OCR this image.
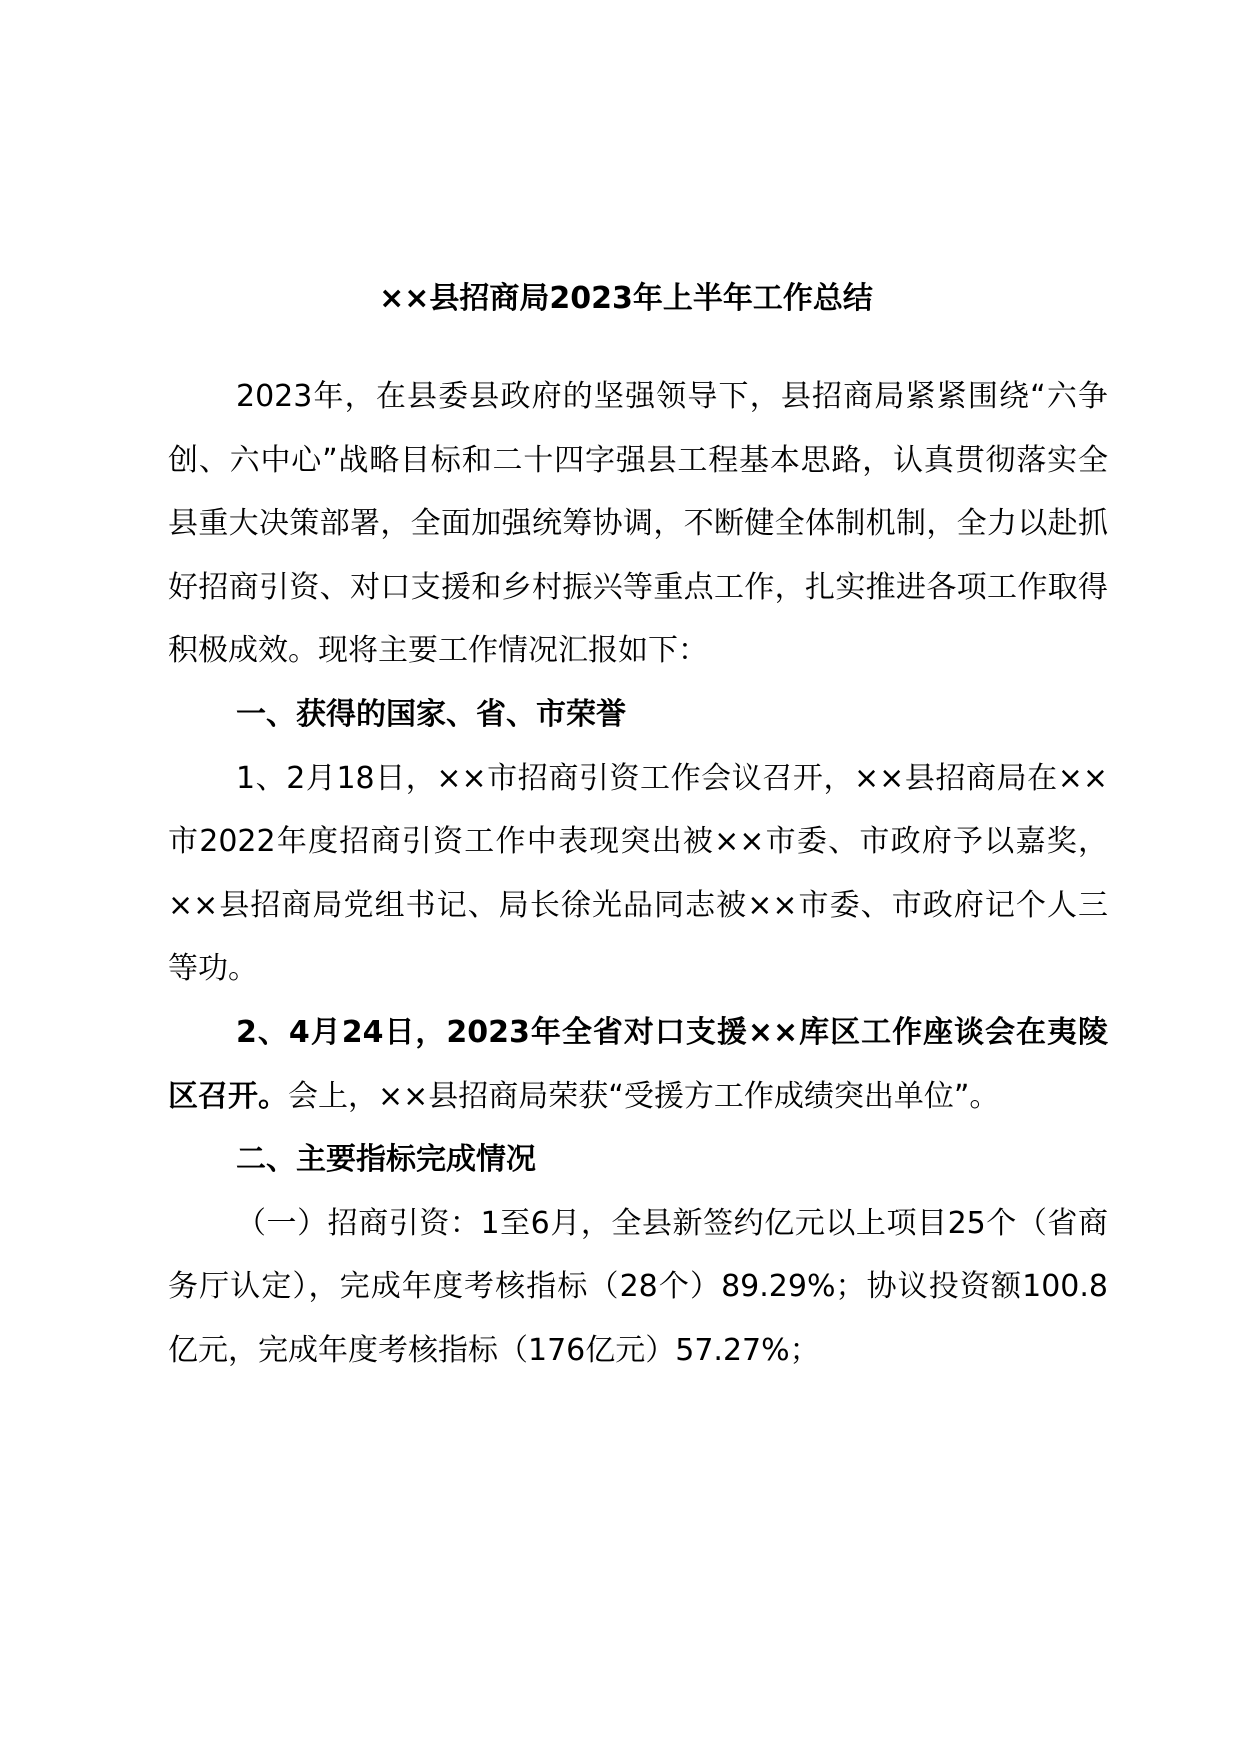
××县招商局2023年上半年工作总结

2023年，在县委县政府的坚强领导下，县招商局紧紧围绕“六争创、六中心”战略目标和二十四字强县工程基本思路，认真贯彻落实全县重大决策部署，全面加强统筹协调，不断健全体制机制，全力以赴抓好招商引资、对口支援和乡村振兴等重点工作，扎实推进各项工作取得积极成效。现将主要工作情况汇报如下：

一、获得的国家、省、市荣誉

1、2月18日，××市招商引资工作会议召开，××县招商局在××市2022年度招商引资工作中表现突出被××市委、市政府予以嘉奖，××县招商局党组书记、局长徐光品同志被××市委、市政府记个人三等功。

2、4月24日，2023年全省对口支援××库区工作座谈会在夷陵区召开。会上，××县招商局荣获“受援方工作成绩突出单位”。

二、主要指标完成情况

（一）招商引资：1至6月，全县新签约亿元以上项目25个（省商务厅认定），完成年度考核指标（28个）89.29%；协议投资额100.8亿元，完成年度考核指标（176亿元）57.27%；
